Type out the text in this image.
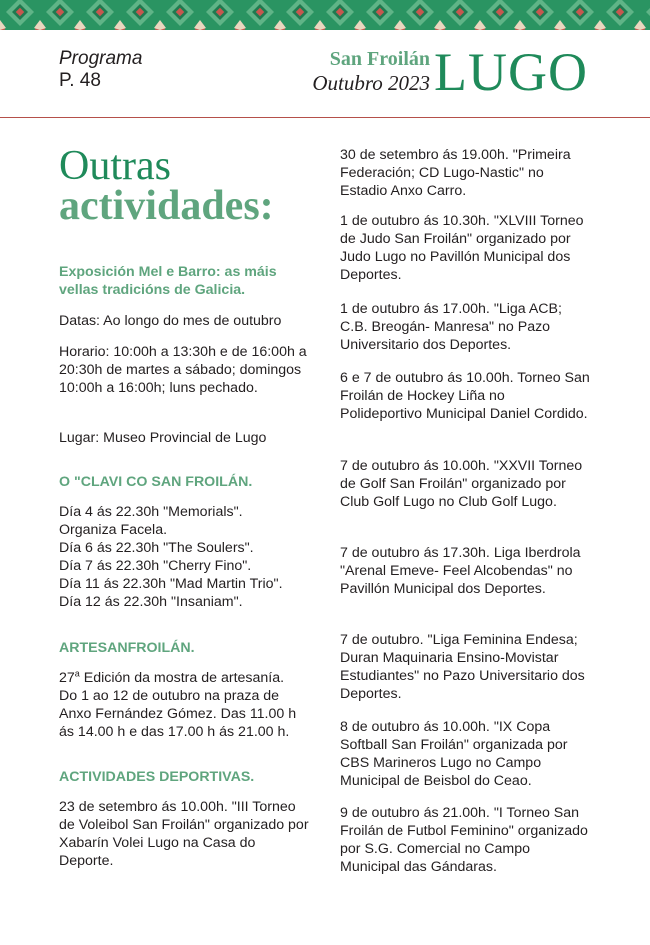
Programa
P. 48
San Froilán
Outubro 2023 LUGO
Outras
actividades:
Exposición Mel e Barro: as máis vellas tradicións de Galicia.
Datas: Ao longo do mes de outubro
Horario: 10:00h a 13:30h e de 16:00h a 20:30h de martes a sábado; domingos 10:00h a 16:00h; luns pechado.
Lugar: Museo Provincial de Lugo
O "CLAVI CO SAN FROILÁN.
Día 4 ás 22.30h "Memorials".
Organiza Facela.
Día 6 ás 22.30h "The Soulers".
Día 7 ás 22.30h "Cherry Fino".
Día 11 ás 22.30h "Mad Martin Trio".
Día 12 ás 22.30h "Insaniam".
ARTESANFROILÁN.
27$^a$ Edición da mostra de artesanía.
Do 1 ao 12 de outubro na praza de Anxo Fernández Gómez. Das 11.00 h ás 14.00 h e das 17.00 h ás 21.00 h.
ACTIVIDADES DEPORTIVAS.
23 de setembro ás 10.00h. "III Torneo de Voleibol San Froilán" organizado por Xabarín Volei Lugo na Casa do Deporte.
30 de setembro ás 19.00h. "Primeira Federación; CD Lugo-Nastic" no Estadio Anxo Carro.
1 de outubro ás 10.30h. "XLVIII Torneo de Judo San Froilán" organizado por Judo Lugo no Pavillón Municipal dos Deportes.
1 de outubro ás 17.00h. "Liga ACB; C.B. Breogán- Manresa" no Pazo Universitario dos Deportes.
6 e 7 de outubro ás 10.00h. Torneo San Froilán de Hockey Liña no Polideportivo Municipal Daniel Cordido.
7 de outubro ás 10.00h. "XXVII Torneo de Golf San Froilán" organizado por Club Golf Lugo no Club Golf Lugo.
7 de outubro ás 17.30h. Liga Iberdrola "Arenal Emeve- Feel Alcobendas" no Pavillón Municipal dos Deportes.
7 de outubro. "Liga Feminina Endesa; Duran Maquinaria Ensino-Movistar Estudiantes" no Pazo Universitario dos Deportes.
8 de outubro ás 10.00h. "IX Copa Softball San Froilán" organizada por CBS Marineros Lugo no Campo Municipal de Beisbol do Ceao.
9 de outubro ás 21.00h. "I Torneo San Froilán de Futbol Feminino" organizado por S.G. Comercial no Campo Municipal das Gándaras.
